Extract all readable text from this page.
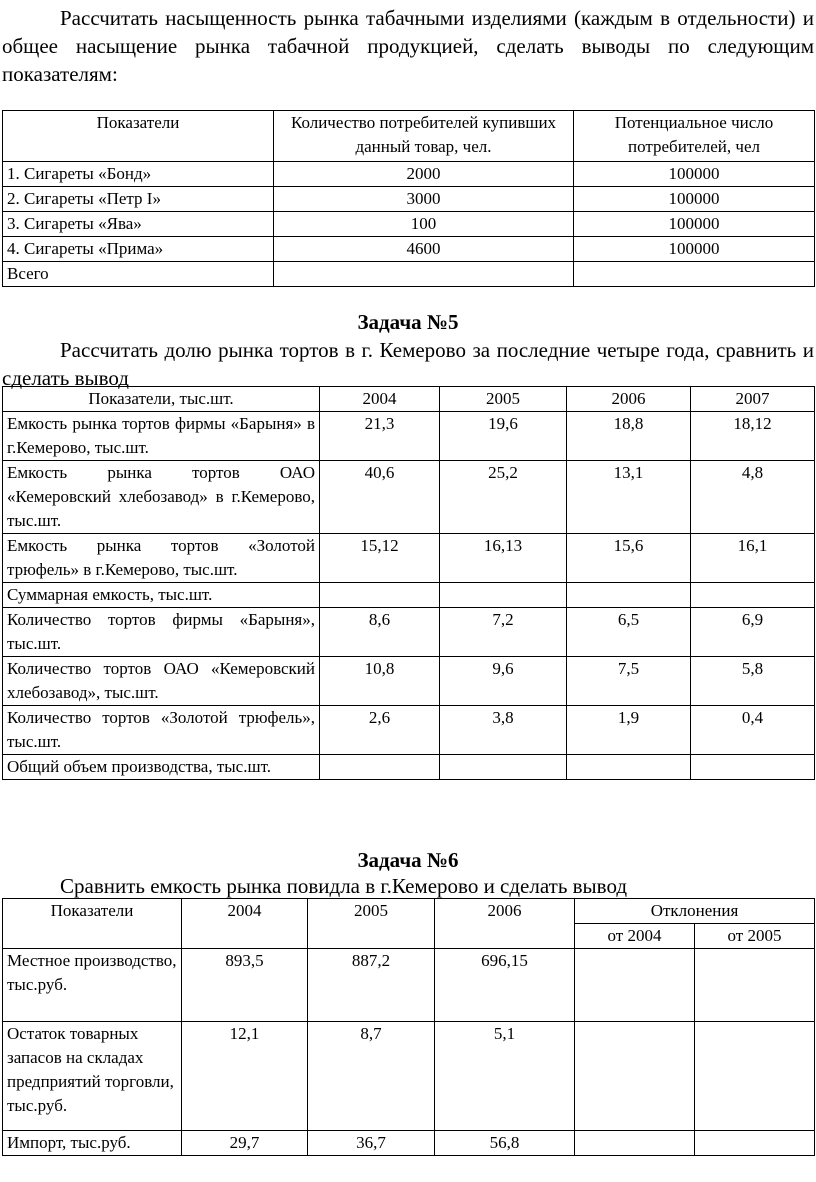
Рассчитать насыщенность рынка табачными изделиями (каждым в отдельности) и общее насыщение рынка табачной продукцией, сделать выводы по следующим показателям:

Показатели	Количество потребителей купивших данный товар, чел.	Потенциальное число потребителей, чел
1. Сигареты «Бонд»	2000	100000
2. Сигареты «Петр I»	3000	100000
3. Сигареты «Ява»	100	100000
4. Сигареты «Прима»	4600	100000
Всего		

Задача №5

Рассчитать долю рынка тортов в г. Кемерово за последние четыре года, сравнить и сделать вывод

Показатели, тыс.шт.	2004	2005	2006	2007
Емкость рынка тортов фирмы «Барыня» в г.Кемерово, тыс.шт.	21,3	19,6	18,8	18,12
Емкость рынка тортов ОАО «Кемеровский хлебозавод» в г.Кемерово, тыс.шт.	40,6	25,2	13,1	4,8
Емкость рынка тортов «Золотой трюфель» в г.Кемерово, тыс.шт.	15,12	16,13	15,6	16,1
Суммарная емкость, тыс.шт.				
Количество тортов фирмы «Барыня», тыс.шт.	8,6	7,2	6,5	6,9
Количество тортов ОАО «Кемеровский хлебозавод», тыс.шт.	10,8	9,6	7,5	5,8
Количество тортов «Золотой трюфель», тыс.шт.	2,6	3,8	1,9	0,4
Общий объем производства, тыс.шт.				

Задача №6

Сравнить емкость рынка повидла в г.Кемерово и сделать вывод

Показатели	2004	2005	2006	Отклонения	
				от 2004	от 2005
Местное производство, тыс.руб.	893,5	887,2	696,15		
Остаток товарных запасов на складах предприятий торговли, тыс.руб.	12,1	8,7	5,1		
Импорт, тыс.руб.	29,7	36,7	56,8		
